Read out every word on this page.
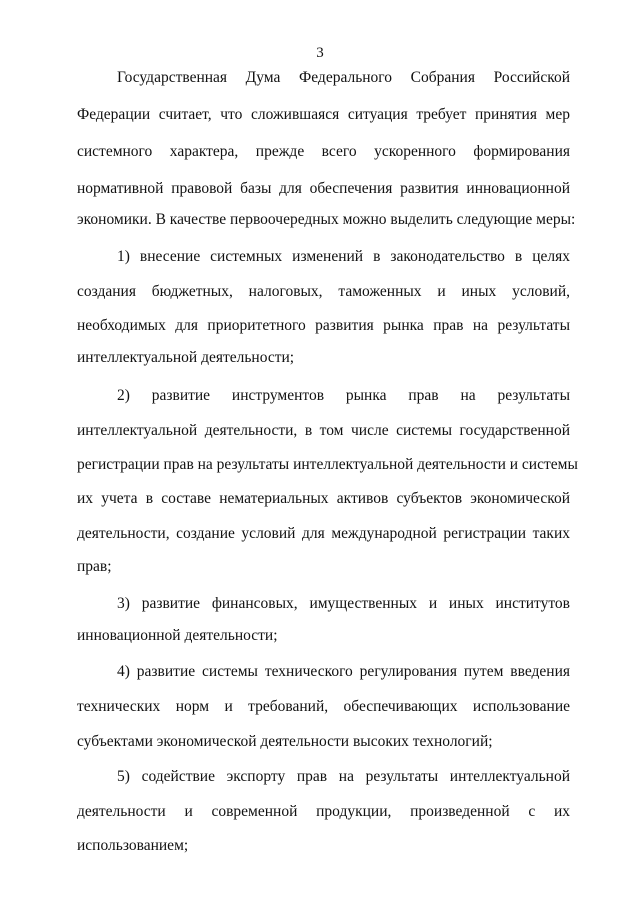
3
Государственная Дума Федерального Собрания Российской
Федерации считает, что сложившаяся ситуация требует принятия мер
системного характера, прежде всего ускоренного формирования
нормативной правовой базы для обеспечения развития инновационной
экономики. В качестве первоочередных можно выделить следующие меры:
1) внесение системных изменений в законодательство в целях
создания бюджетных, налоговых, таможенных и иных условий,
необходимых для приоритетного развития рынка прав на результаты
интеллектуальной деятельности;
2) развитие инструментов рынка прав на результаты
интеллектуальной деятельности, в том числе системы государственной
регистрации прав на результаты интеллектуальной деятельности и системы
их учета в составе нематериальных активов субъектов экономической
деятельности, создание условий для международной регистрации таких
прав;
3) развитие финансовых, имущественных и иных институтов
инновационной деятельности;
4) развитие системы технического регулирования путем введения
технических норм и требований, обеспечивающих использование
субъектами экономической деятельности высоких технологий;
5) содействие экспорту прав на результаты интеллектуальной
деятельности и современной продукции, произведенной с их
использованием;
